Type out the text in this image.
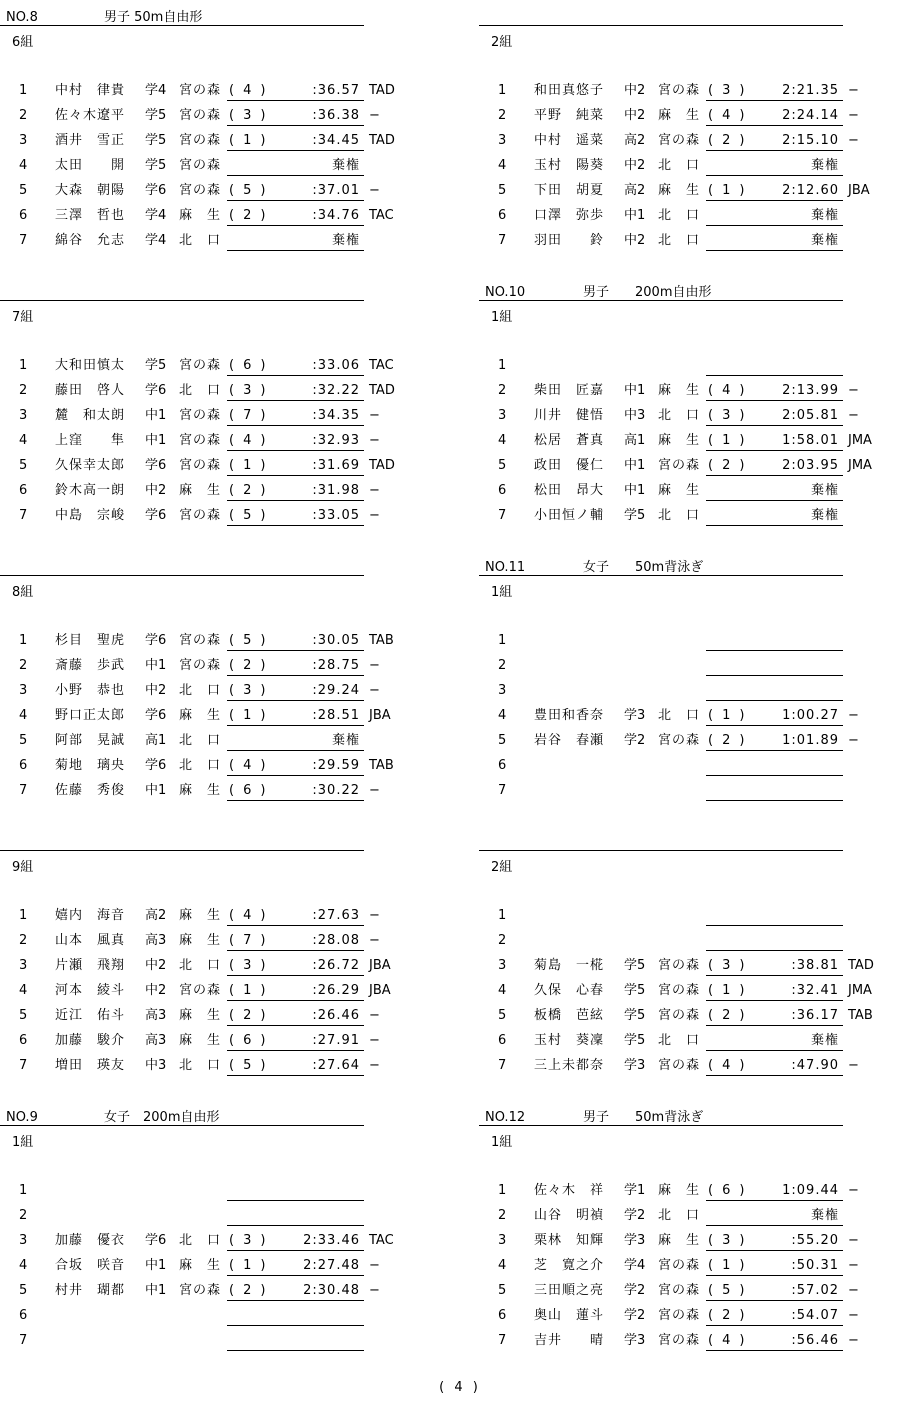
NO.8	男子 50m自由形
6組
1 中村　律貴 学4 宮の森 (4)	:36.57 TAD
2 佐々木遼平 学5 宮の森 (3)	:36.38 −
3 酒井　雪正 学5 宮の森 (1)	:34.45 TAD
4 太田　　開 学5 宮の森	棄権
5 大森　朝陽 学6 宮の森 (5)	:37.01 −
6 三澤　哲也 学4 麻　生 (2)	:34.76 TAC
7 綿谷　允志 学4 北　口	棄権
7組
1 大和田慎太 学5 宮の森 (6)	:33.06 TAC
2 藤田　啓人 学6 北　口 (3)	:32.22 TAD
3 麓　和太朗 中1 宮の森 (7)	:34.35 −
4 上窪　　隼 中1 宮の森 (4)	:32.93 −
5 久保幸太郎 学6 宮の森 (1)	:31.69 TAD
6 鈴木高一朗 中2 麻　生 (2)	:31.98 −
7 中島　宗峻 学6 宮の森 (5)	:33.05 −
8組
1 杉目　聖虎 学6 宮の森 (5)	:30.05 TAB
2 斎藤　歩武 中1 宮の森 (2)	:28.75 −
3 小野　恭也 中2 北　口 (3)	:29.24 −
4 野口正太郎 学6 麻　生 (1)	:28.51 JBA
5 阿部　晃誠 高1 北　口	棄権
6 菊地　璃央 学6 北　口 (4)	:29.59 TAB
7 佐藤　秀俊 中1 麻　生 (6)	:30.22 −
9組
1 嬉内　海音 高2 麻　生 (4)	:27.63 −
2 山本　風真 高3 麻　生 (7)	:28.08 −
3 片瀬　飛翔 中2 北　口 (3)	:26.72 JBA
4 河本　綾斗 中2 宮の森 (1)	:26.29 JBA
5 近江　佑斗 高3 麻　生 (2)	:26.46 −
6 加藤　駿介 高3 麻　生 (6)	:27.91 −
7 増田　瑛友 中3 北　口 (5)	:27.64 −
NO.9	女子　200m自由形
1組
1
2
3 加藤　優衣 学6 北　口 (3)	2:33.46 TAC
4 合坂　咲音 中1 麻　生 (1)	2:27.48 −
5 村井　瑚都 中1 宮の森 (2)	2:30.48 −
6
7
2組
1 和田真悠子 中2 宮の森 (3)	2:21.35 −
2 平野　純菜 中2 麻　生 (4)	2:24.14 −
3 中村　遥菜 高2 宮の森 (2)	2:15.10 −
4 玉村　陽葵 中2 北　口	棄権
5 下田　胡夏 高2 麻　生 (1)	2:12.60 JBA
6 口澤　弥歩 中1 北　口	棄権
7 羽田　　鈴 中2 北　口	棄権
NO.10	男子　　200m自由形
1組
1
2 柴田　匠嘉 中1 麻　生 (4)	2:13.99 −
3 川井　健悟 中3 北　口 (3)	2:05.81 −
4 松居　蒼真 高1 麻　生 (1)	1:58.01 JMA
5 政田　優仁 中1 宮の森 (2)	2:03.95 JMA
6 松田　昂大 中1 麻　生	棄権
7 小田恒ノ輔 学5 北　口	棄権
NO.11	女子　　50m背泳ぎ
1組
1
2
3
4 豊田和香奈 学3 北　口 (1)	1:00.27 −
5 岩谷　春瀬 学2 宮の森 (2)	1:01.89 −
6
7
2組
1
2
3 菊島　一椛 学5 宮の森 (3)	:38.81 TAD
4 久保　心春 学5 宮の森 (1)	:32.41 JMA
5 板橋　芭絃 学5 宮の森 (2)	:36.17 TAB
6 玉村　葵凜 学5 北　口	棄権
7 三上未都奈 学3 宮の森 (4)	:47.90 −
NO.12	男子　　50m背泳ぎ
1組
1 佐々木　祥 学1 麻　生 (6)	1:09.44 −
2 山谷　明禎 学2 北　口	棄権
3 栗林　知輝 学3 麻　生 (3)	:55.20 −
4 芝　寛之介 学4 宮の森 (1)	:50.31 −
5 三田順之亮 学2 宮の森 (5)	:57.02 −
6 奥山　蓮斗 学2 宮の森 (2)	:54.07 −
7 吉井　　晴 学3 宮の森 (4)	:56.46 −
( 4 )
